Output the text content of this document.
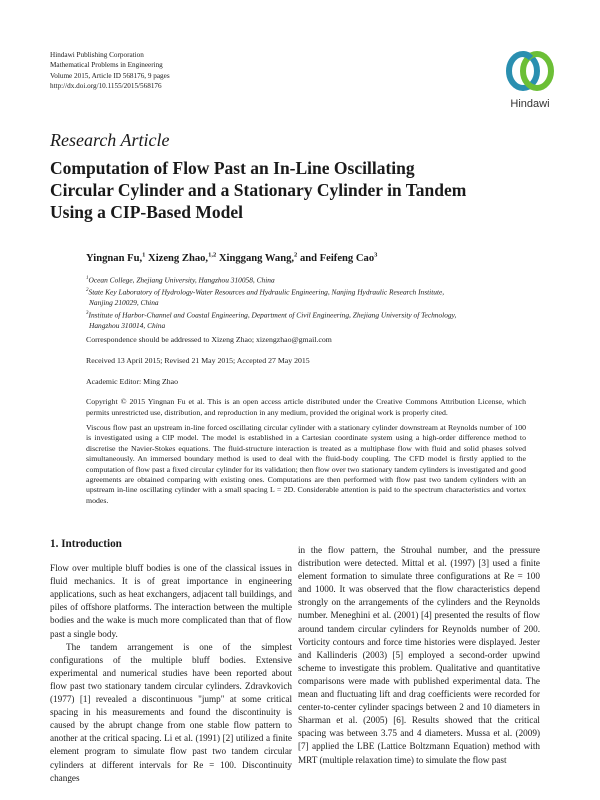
Hindawi Publishing Corporation
Mathematical Problems in Engineering
Volume 2015, Article ID 568176, 9 pages
http://dx.doi.org/10.1155/2015/568176
Hindawi
Research Article
Computation of Flow Past an In-Line Oscillating
Circular Cylinder and a Stationary Cylinder in Tandem
Using a CIP-Based Model
Yingnan Fu,$^1$ Xizeng Zhao,$^{1,2}$ Xinggang Wang,$^2$ and Feifeng Cao$^3$
$^1$Ocean College, Zhejiang University, Hangzhou 310058, China
$^2$State Key Laboratory of Hydrology-Water Resources and Hydraulic Engineering, Nanjing Hydraulic Research Institute,
Nanjing 210029, China
$^3$Institute of Harbor-Channel and Coastal Engineering, Department of Civil Engineering, Zhejiang University of Technology,
Hangzhou 310014, China
Correspondence should be addressed to Xizeng Zhao; xizengzhao@gmail.com
Received 13 April 2015; Revised 21 May 2015; Accepted 27 May 2015
Academic Editor: Ming Zhao
Copyright © 2015 Yingnan Fu et al. This is an open access article distributed under the Creative Commons Attribution License, which permits unrestricted use, distribution, and reproduction in any medium, provided the original work is properly cited.
Viscous flow past an upstream in-line forced oscillating circular cylinder with a stationary cylinder downstream at Reynolds number of 100 is investigated using a CIP model. The model is established in a Cartesian coordinate system using a high-order difference method to discretise the Navier-Stokes equations. The fluid-structure interaction is treated as a multiphase flow with fluid and solid phases solved simultaneously. An immersed boundary method is used to deal with the fluid-body coupling. The CFD model is firstly applied to the computation of flow past a fixed circular cylinder for its validation; then flow over two stationary tandem cylinders is investigated and good agreements are obtained comparing with existing ones. Computations are then performed with flow past two tandem cylinders with an upstream in-line oscillating cylinder with a small spacing L = 2D. Considerable attention is paid to the spectrum characteristics and vortex modes.
1. Introduction

Flow over multiple bluff bodies is one of the classical issues in fluid mechanics. It is of great importance in engineering applications, such as heat exchangers, adjacent tall buildings, and piles of offshore platforms. The interaction between the multiple bodies and the wake is much more complicated than that of flow past a single body.

The tandem arrangement is one of the simplest configurations of the multiple bluff bodies. Extensive experimental and numerical studies have been reported about flow past two stationary tandem circular cylinders. Zdravkovich (1977) [1] revealed a discontinuous "jump" at some critical spacing in his measurements and found the discontinuity is caused by the abrupt change from one stable flow pattern to another at the critical spacing. Li et al. (1991) [2] utilized a finite element program to simulate flow past two tandem circular cylinders at different intervals for Re = 100. Discontinuity changes

in the flow pattern, the Strouhal number, and the pressure distribution were detected. Mittal et al. (1997) [3] used a finite element formation to simulate three configurations at Re = 100 and 1000. It was observed that the flow characteristics depend strongly on the arrangements of the cylinders and the Reynolds number. Meneghini et al. (2001) [4] presented the results of flow around tandem circular cylinders for Reynolds number of 200. Vorticity contours and force time histories were displayed. Jester and Kallinderis (2003) [5] employed a second-order upwind scheme to investigate this problem. Qualitative and quantitative comparisons were made with published experimental data. The mean and fluctuating lift and drag coefficients were recorded for center-to-center cylinder spacings between 2 and 10 diameters in Sharman et al. (2005) [6]. Results showed that the critical spacing was between 3.75 and 4 diameters. Mussa et al. (2009) [7] applied the LBE (Lattice Boltzmann Equation) method with MRT (multiple relaxation time) to simulate the flow past
